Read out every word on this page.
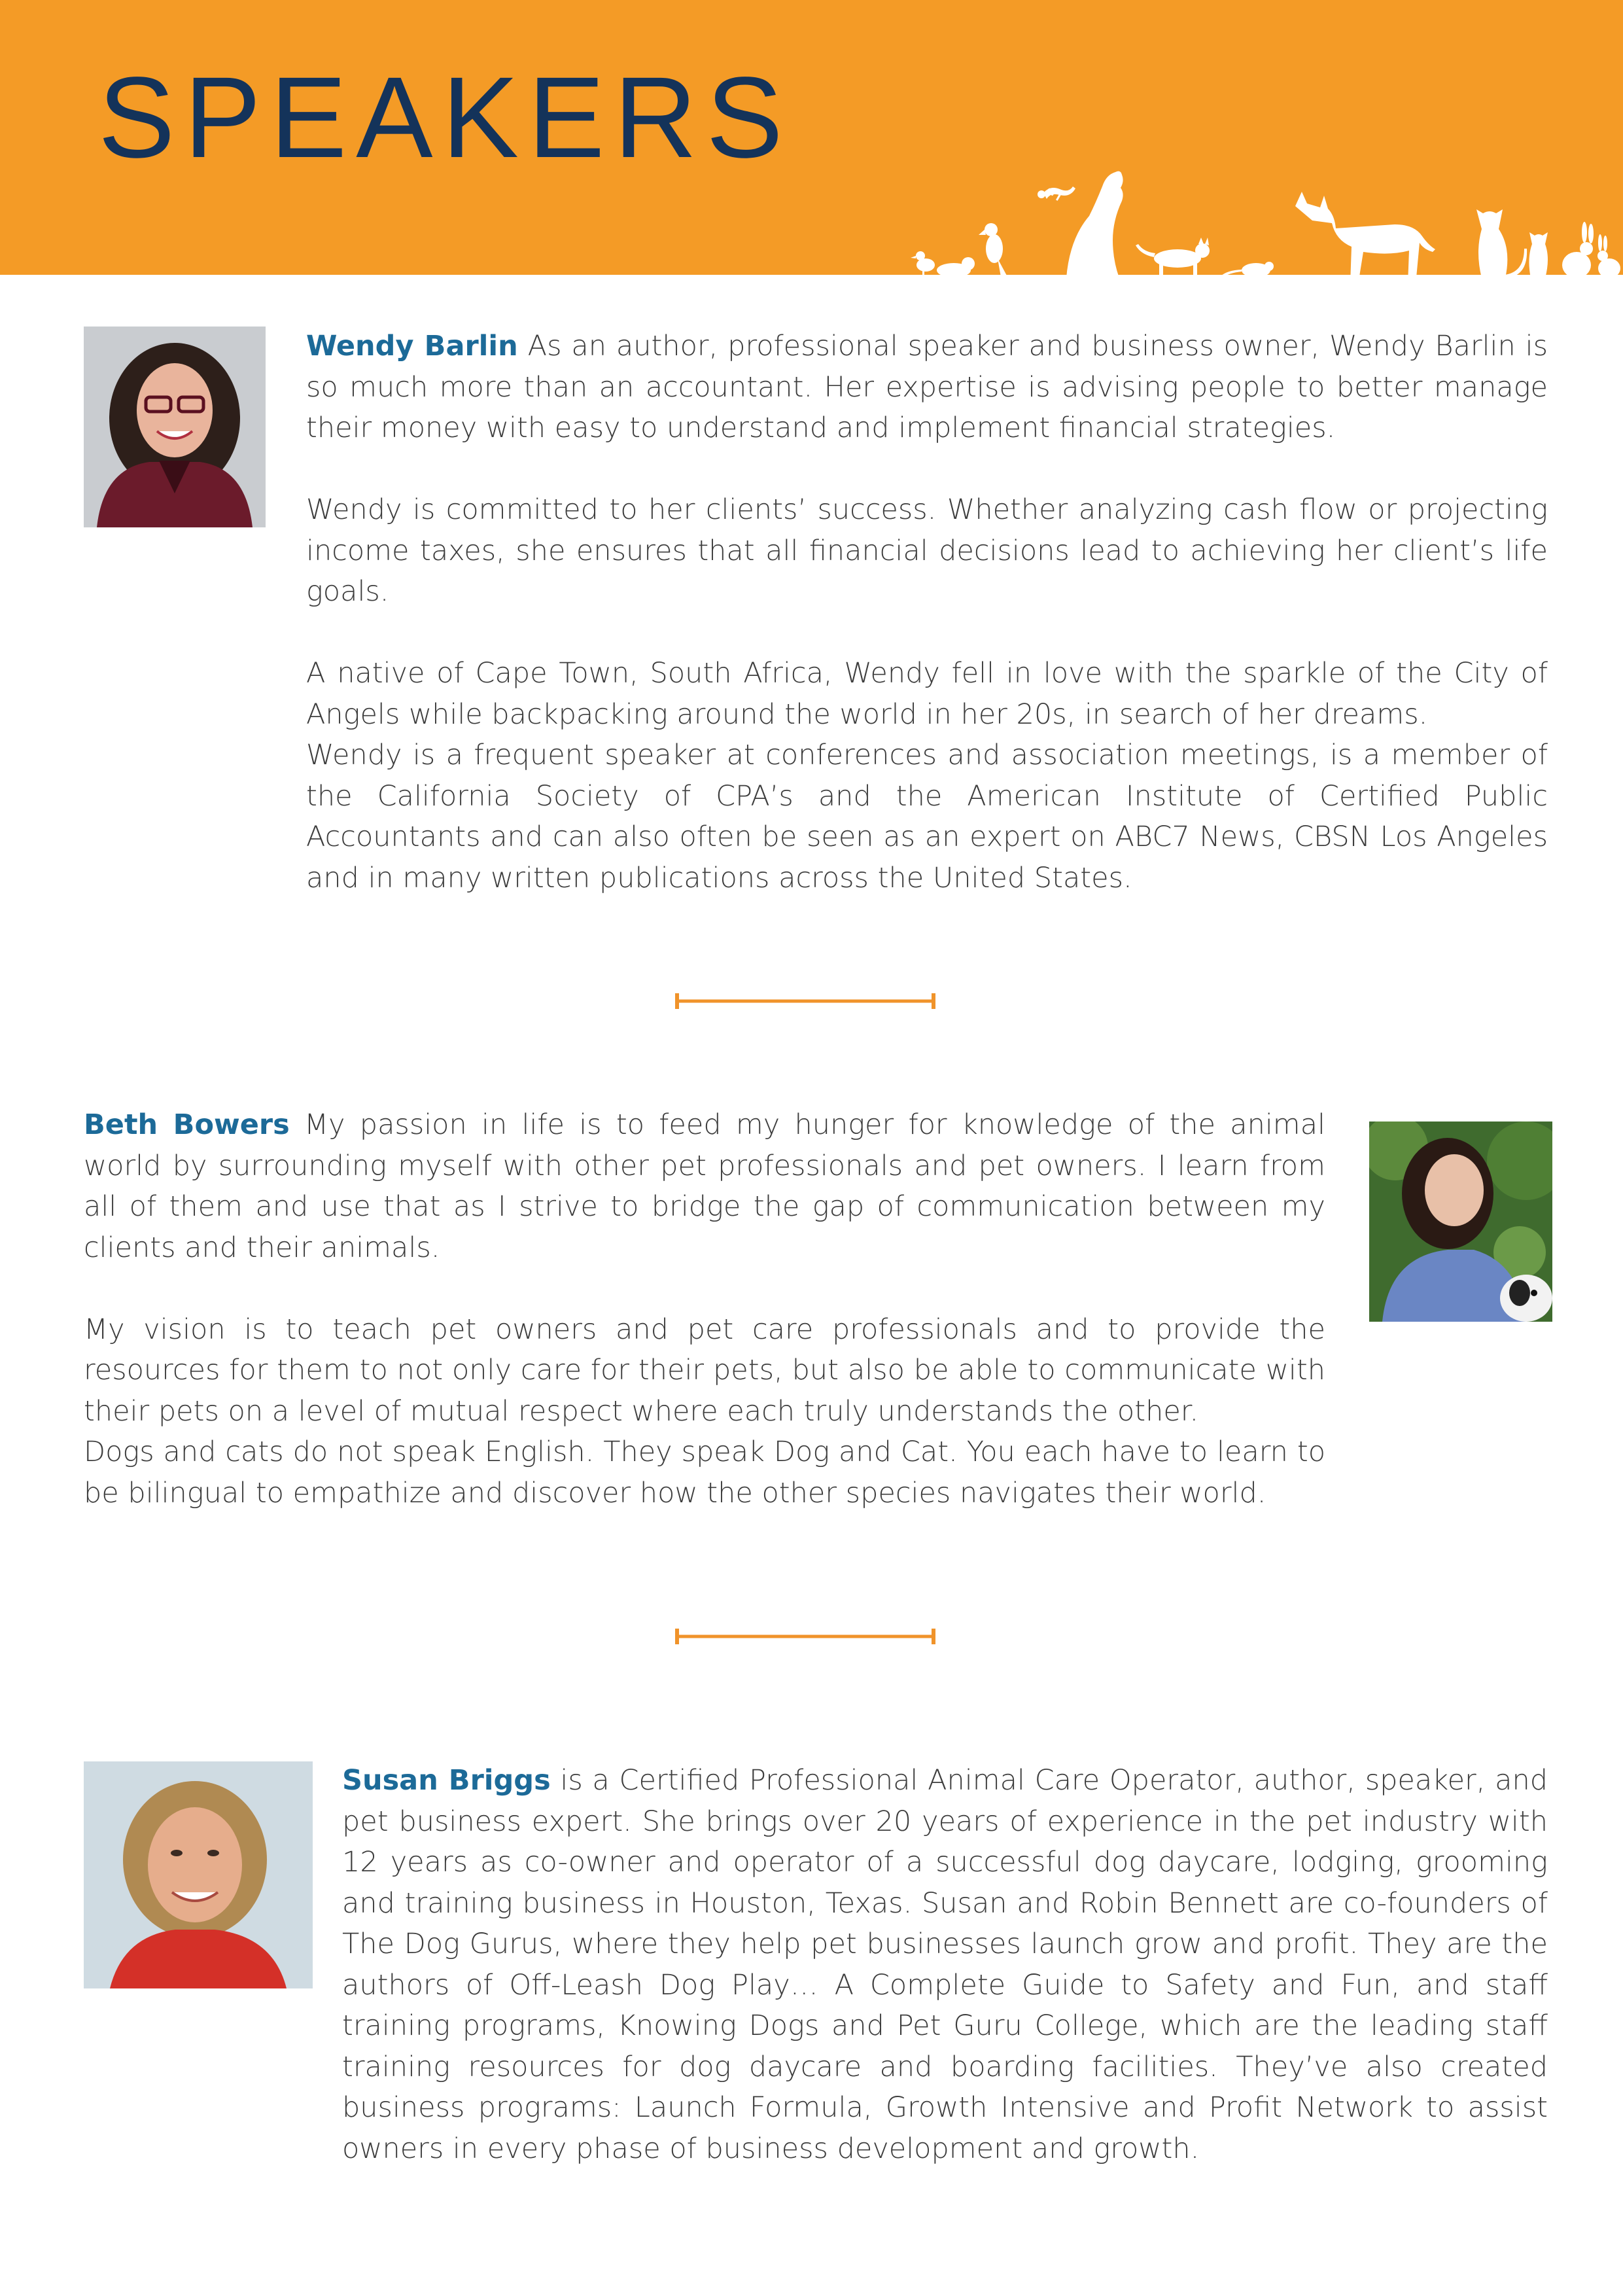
SPEAKERS

Wendy Barlin As an author, professional speaker and business owner, Wendy Barlin is so much more than an accountant. Her expertise is advising people to better manage their money with easy to understand and implement financial strategies.

Wendy is committed to her clients’ success. Whether analyzing cash flow or projecting income taxes, she ensures that all financial decisions lead to achieving her client’s life goals.

A native of Cape Town, South Africa, Wendy fell in love with the sparkle of the City of Angels while backpacking around the world in her 20s, in search of her dreams.

Wendy is a frequent speaker at conferences and association meetings, is a member of the California Society of CPA’s and the American Institute of Certified Public Accountants and can also often be seen as an expert on ABC7 News, CBSN Los Angeles and in many written publications across the United States.

Beth Bowers My passion in life is to feed my hunger for knowledge of the animal world by surrounding myself with other pet professionals and pet owners. I learn from all of them and use that as I strive to bridge the gap of communication between my clients and their animals.

My vision is to teach pet owners and pet care professionals and to provide the resources for them to not only care for their pets, but also be able to communicate with their pets on a level of mutual respect where each truly understands the other.

Dogs and cats do not speak English. They speak Dog and Cat. You each have to learn to be bilingual to empathize and discover how the other species navigates their world.

Susan Briggs is a Certified Professional Animal Care Operator, author, speaker, and pet business expert. She brings over 20 years of experience in the pet industry with 12 years as co-owner and operator of a successful dog daycare, lodging, grooming and training business in Houston, Texas. Susan and Robin Bennett are co-founders of The Dog Gurus, where they help pet businesses launch grow and profit. They are the authors of Off-Leash Dog Play… A Complete Guide to Safety and Fun, and staff training programs, Knowing Dogs and Pet Guru College, which are the leading staff training resources for dog daycare and boarding facilities. They’ve also created business programs: Launch Formula, Growth Intensive and Profit Network to assist owners in every phase of business development and growth.
